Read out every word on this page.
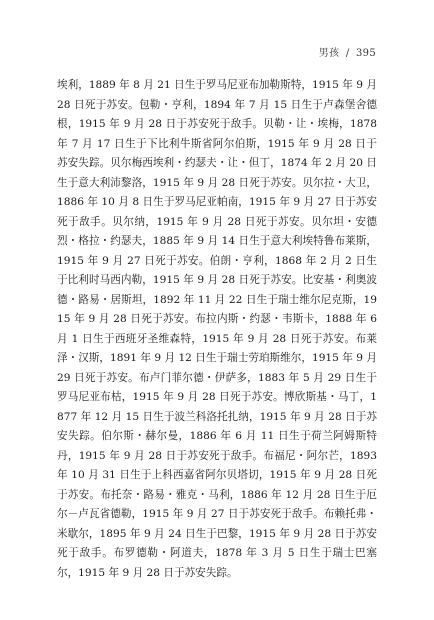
男孩 / 395

埃利，1889 年 8 月 21 日生于罗马尼亚布加勒斯特，1915 年 9 月 28 日死于苏安。包勒・亨利，1894 年 7 月 15 日生于卢森堡舍德根，1915 年 9 月 28 日于苏安死于敌手。贝勒・让・埃梅，1878 年 7 月 17 日生于下比利牛斯省阿尔伯斯，1915 年 9 月 28 日于苏安失踪。贝尔梅西埃利・约瑟夫・让・但丁，1874 年 2 月 20 日生于意大利沛黎洛，1915 年 9 月 28 日死于苏安。贝尔拉・大卫，1886 年 10 月 8 日生于罗马尼亚帕南，1915 年 9 月 27 日于苏安死于敌手。贝尔纳，1915 年 9 月 28 日死于苏安。贝尔坦・安德烈・格拉・约瑟夫，1885 年 9 月 14 日生于意大利埃特鲁布莱斯，1915 年 9 月 27 日死于苏安。伯朗・亨利，1868 年 2 月 2 日生于比利时马西内勒，1915 年 9 月 28 日死于苏安。比安基・利奥波德・路易・居斯坦，1892 年 11 月 22 日生于瑞士维尔尼克斯，1915 年 9 月 28 日死于苏安。布拉内斯・约瑟・韦斯卡，1888 年 6 月 1 日生于西班牙圣维森特，1915 年 9 月 28 日死于苏安。布莱泽・汉斯，1891 年 9 月 12 日生于瑞士劳珀斯维尔，1915 年 9 月 29 日死于苏安。布卢门菲尔德・伊萨多，1883 年 5 月 29 日生于罗马尼亚布枯，1915 年 9 月 28 日死于苏安。博欣斯基・马丁，1877 年 12 月 15 日生于波兰科洛托扎纳，1915 年 9 月 28 日于苏安失踪。伯尔斯・赫尔曼，1886 年 6 月 11 日生于荷兰阿姆斯特丹，1915 年 9 月 28 日于苏安死于敌手。布福尼・阿尔芒，1893 年 10 月 31 日生于上科西嘉省阿尔贝塔切，1915 年 9 月 28 日死于苏安。布托奈・路易・雅克・马利，1886 年 12 月 28 日生于厄尔－卢瓦省德勒，1915 年 9 月 27 日于苏安死于敌手。布赖托弗・米歇尔，1895 年 9 月 24 日生于巴黎，1915 年 9 月 28 日于苏安死于敌手。布罗德勒・阿道夫，1878 年 3 月 5 日生于瑞士巴塞尔，1915 年 9 月 28 日于苏安失踪。
